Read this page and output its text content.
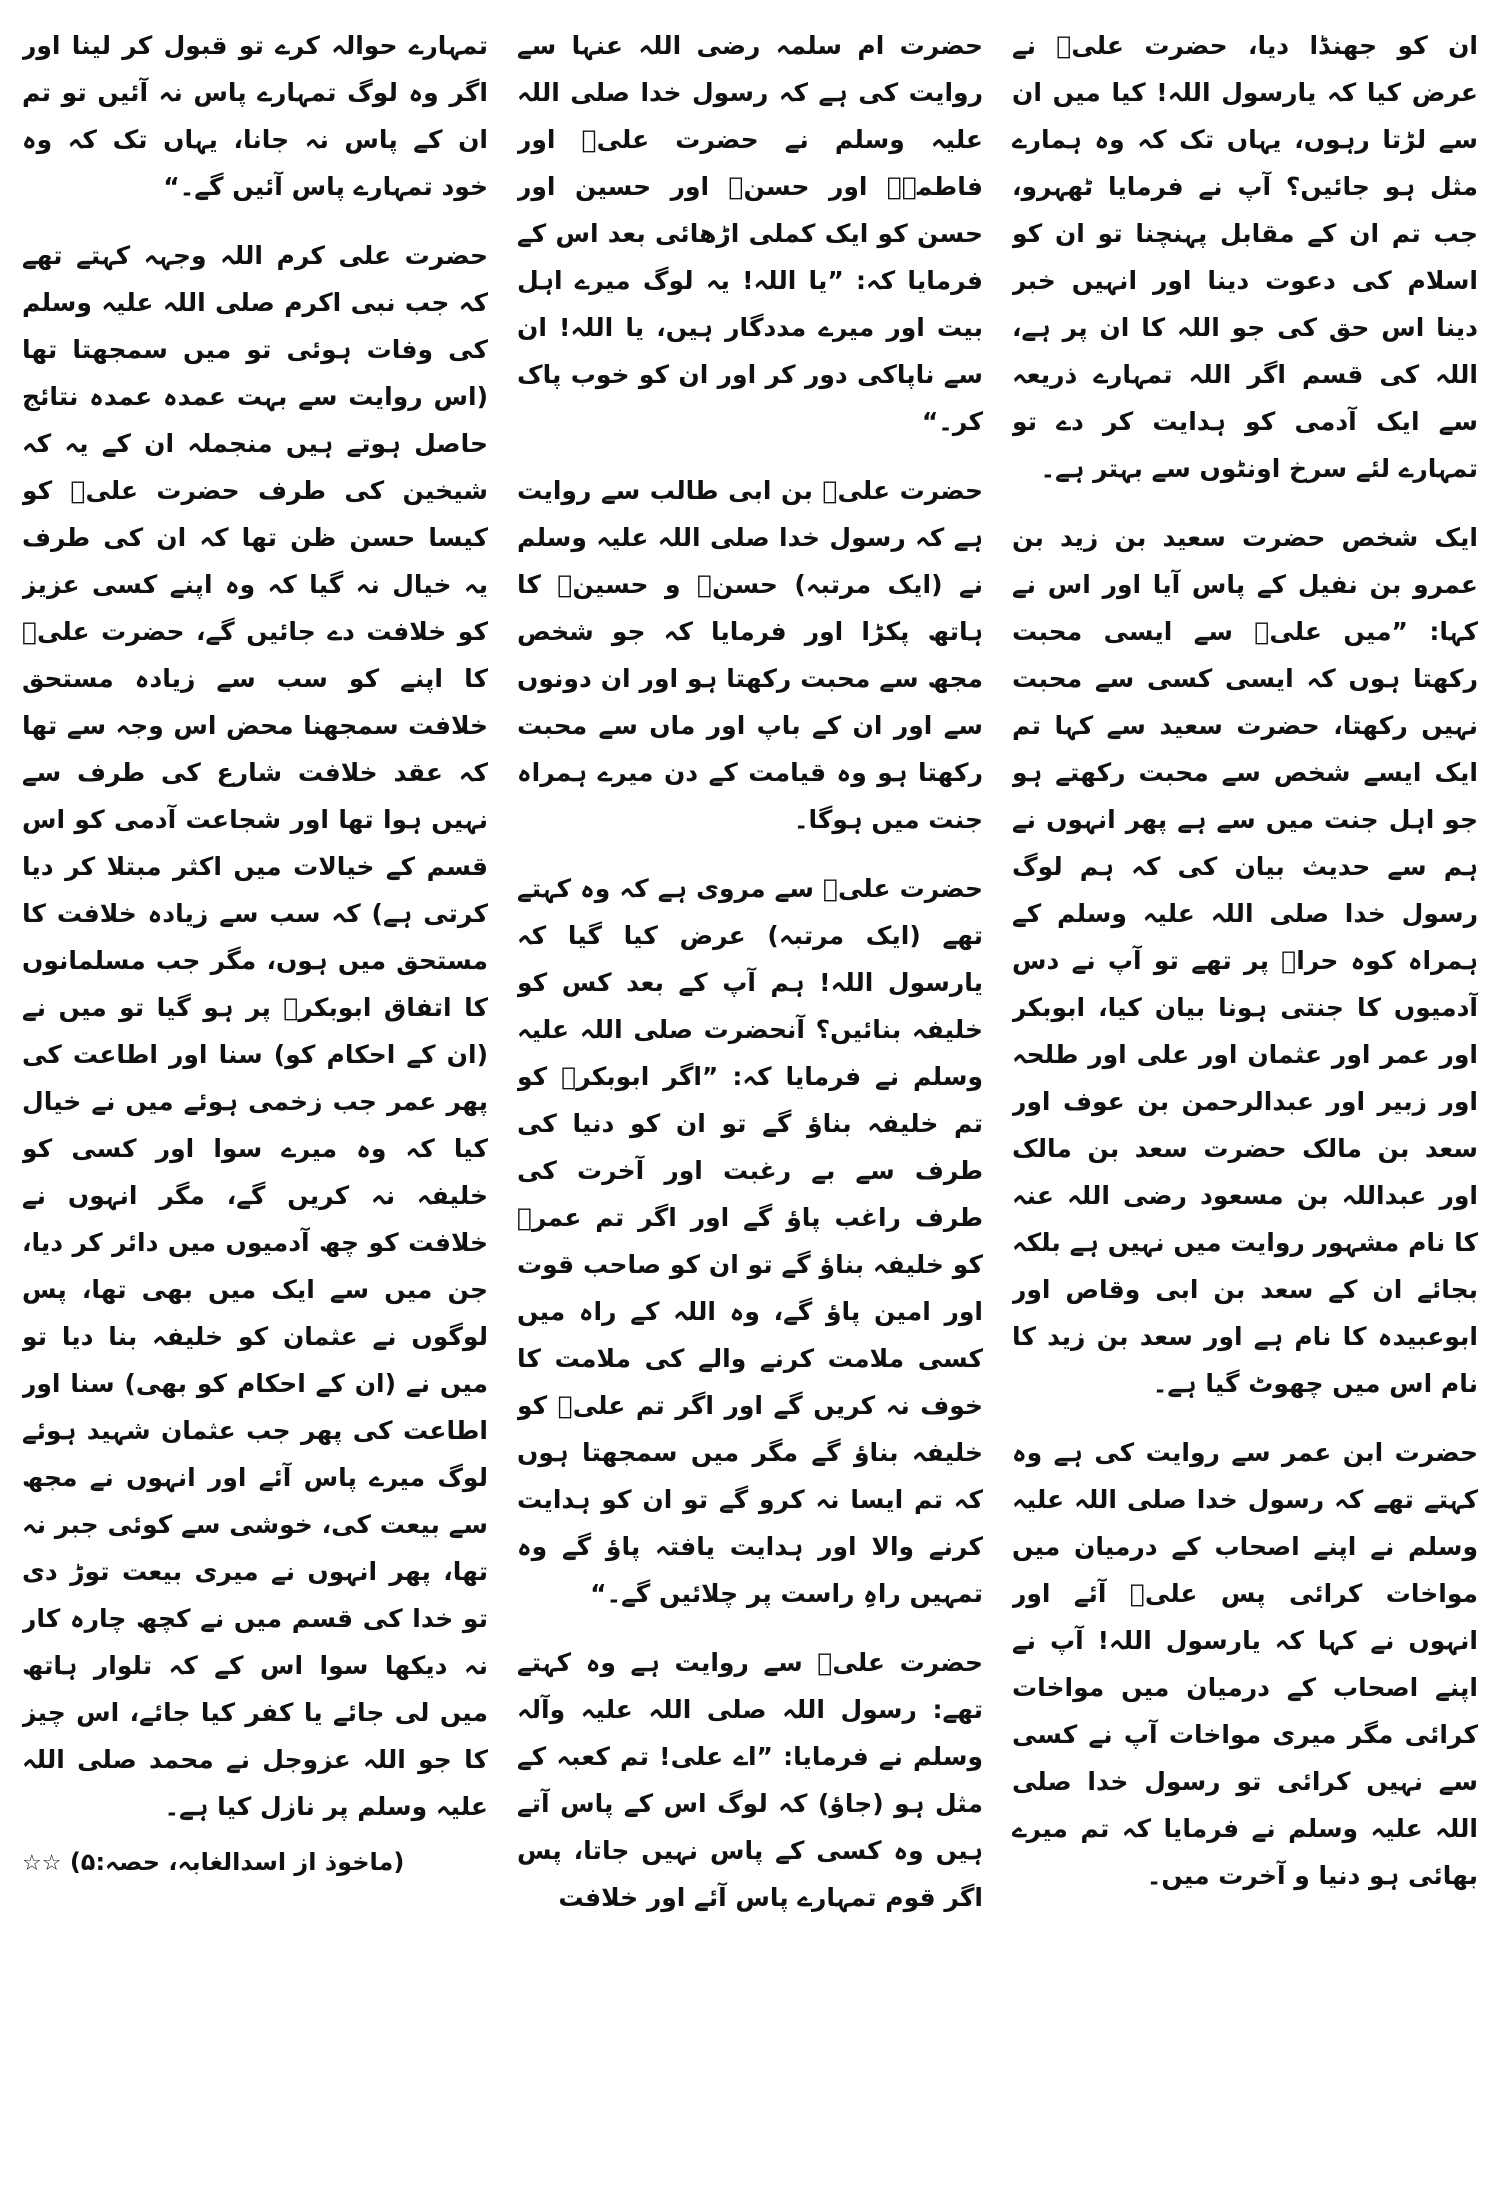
ان کو جھنڈا دیا، حضرت علیؓ نے عرض کیا کہ یارسول اللہ! کیا میں ان سے لڑتا رہوں، یہاں تک کہ وہ ہمارے مثل ہو جائیں؟ آپ نے فرمایا ٹھہرو، جب تم ان کے مقابل پہنچنا تو ان کو اسلام کی دعوت دینا اور انہیں خبر دینا اس حق کی جو اللہ کا ان پر ہے، اللہ کی قسم اگر اللہ تمہارے ذریعہ سے ایک آدمی کو ہدایت کر دے تو تمہارے لئے سرخ اونٹوں سے بہتر ہے۔

ایک شخص حضرت سعید بن زید بن عمرو بن نفیل کے پاس آیا اور اس نے کہا: ”میں علیؓ سے ایسی محبت رکھتا ہوں کہ ایسی کسی سے محبت نہیں رکھتا، حضرت سعید سے کہا تم ایک ایسے شخص سے محبت رکھتے ہو جو اہل جنت میں سے ہے پھر انہوں نے ہم سے حدیث بیان کی کہ ہم لوگ رسول خدا صلی اللہ علیہ وسلم کے ہمراہ کوہ حراؔ پر تھے تو آپ نے دس آدمیوں کا جنتی ہونا بیان کیا، ابوبکر اور عمر اور عثمان اور علی اور طلحہ اور زبیر اور عبدالرحمن بن عوف اور سعد بن مالک حضرت سعد بن مالک اور عبداللہ بن مسعود رضی اللہ عنہ کا نام مشہور روایت میں نہیں ہے بلکہ بجائے ان کے سعد بن ابی وقاص اور ابوعبیدہ کا نام ہے اور سعد بن زید کا نام اس میں چھوٹ گیا ہے۔

حضرت ابن عمر سے روایت کی ہے وہ کہتے تھے کہ رسول خدا صلی اللہ علیہ وسلم نے اپنے اصحاب کے درمیان میں مواخات کرائی پس علیؓ آئے اور انہوں نے کہا کہ یارسول اللہ! آپ نے اپنے اصحاب کے درمیان میں مواخات کرائی مگر میری مواخات آپ نے کسی سے نہیں کرائی تو رسول خدا صلی اللہ علیہ وسلم نے فرمایا کہ تم میرے بھائی ہو دنیا و آخرت میں۔

حضرت ام سلمہ رضی اللہ عنہا سے روایت کی ہے کہ رسول خدا صلی اللہ علیہ وسلم نے حضرت علیؓ اور فاطمہؓ اور حسنؓ اور حسین اور حسن کو ایک کملی اڑھائی بعد اس کے فرمایا کہ: ”یا اللہ! یہ لوگ میرے اہل بیت اور میرے مددگار ہیں، یا اللہ! ان سے ناپاکی دور کر اور ان کو خوب پاک کر۔“

حضرت علیؓ بن ابی طالب سے روایت ہے کہ رسول خدا صلی اللہ علیہ وسلم نے (ایک مرتبہ) حسنؓ و حسینؓ کا ہاتھ پکڑا اور فرمایا کہ جو شخص مجھ سے محبت رکھتا ہو اور ان دونوں سے اور ان کے باپ اور ماں سے محبت رکھتا ہو وہ قیامت کے دن میرے ہمراہ جنت میں ہوگا۔

حضرت علیؓ سے مروی ہے کہ وہ کہتے تھے (ایک مرتبہ) عرض کیا گیا کہ یارسول اللہ! ہم آپ کے بعد کس کو خلیفہ بنائیں؟ آنحضرت صلی اللہ علیہ وسلم نے فرمایا کہ: ”اگر ابوبکرؓ کو تم خلیفہ بناؤ گے تو ان کو دنیا کی طرف سے بے رغبت اور آخرت کی طرف راغب پاؤ گے اور اگر تم عمرؓ کو خلیفہ بناؤ گے تو ان کو صاحب قوت اور امین پاؤ گے، وہ اللہ کے راہ میں کسی ملامت کرنے والے کی ملامت کا خوف نہ کریں گے اور اگر تم علیؓ کو خلیفہ بناؤ گے مگر میں سمجھتا ہوں کہ تم ایسا نہ کرو گے تو ان کو ہدایت کرنے والا اور ہدایت یافتہ پاؤ گے وہ تمہیں راہِ راست پر چلائیں گے۔“

حضرت علیؓ سے روایت ہے وہ کہتے تھے: رسول اللہ صلی اللہ علیہ وآلہ وسلم نے فرمایا: ”اے علی! تم کعبہ کے مثل ہو (جاؤ) کہ لوگ اس کے پاس آتے ہیں وہ کسی کے پاس نہیں جاتا، پس اگر قوم تمہارے پاس آئے اور خلافت

تمہارے حوالہ کرے تو قبول کر لینا اور اگر وہ لوگ تمہارے پاس نہ آئیں تو تم ان کے پاس نہ جانا، یہاں تک کہ وہ خود تمہارے پاس آئیں گے۔“

حضرت علی کرم اللہ وجہہ کہتے تھے کہ جب نبی اکرم صلی اللہ علیہ وسلم کی وفات ہوئی تو میں سمجھتا تھا (اس روایت سے بہت عمدہ عمدہ نتائج حاصل ہوتے ہیں منجملہ ان کے یہ کہ شیخین کی طرف حضرت علیؓ کو کیسا حسن ظن تھا کہ ان کی طرف یہ خیال نہ گیا کہ وہ اپنے کسی عزیز کو خلافت دے جائیں گے، حضرت علیؓ کا اپنے کو سب سے زیادہ مستحق خلافت سمجھنا محض اس وجہ سے تھا کہ عقد خلافت شارع کی طرف سے نہیں ہوا تھا اور شجاعت آدمی کو اس قسم کے خیالات میں اکثر مبتلا کر دیا کرتی ہے) کہ سب سے زیادہ خلافت کا مستحق میں ہوں، مگر جب مسلمانوں کا اتفاق ابوبکرؓ پر ہو گیا تو میں نے (ان کے احکام کو) سنا اور اطاعت کی پھر عمر جب زخمی ہوئے میں نے خیال کیا کہ وہ میرے سوا اور کسی کو خلیفہ نہ کریں گے، مگر انہوں نے خلافت کو چھ آدمیوں میں دائر کر دیا، جن میں سے ایک میں بھی تھا، پس لوگوں نے عثمان کو خلیفہ بنا دیا تو میں نے (ان کے احکام کو بھی) سنا اور اطاعت کی پھر جب عثمان شہید ہوئے لوگ میرے پاس آئے اور انہوں نے مجھ سے بیعت کی، خوشی سے کوئی جبر نہ تھا، پھر انہوں نے میری بیعت توڑ دی تو خدا کی قسم میں نے کچھ چارہ کار نہ دیکھا سوا اس کے کہ تلوار ہاتھ میں لی جائے یا کفر کیا جائے، اس چیز کا جو اللہ عزوجل نے محمد صلی اللہ علیہ وسلم پر نازل کیا ہے۔

(ماخوذ از اسدالغابہ، حصہ:۵) ☆☆
